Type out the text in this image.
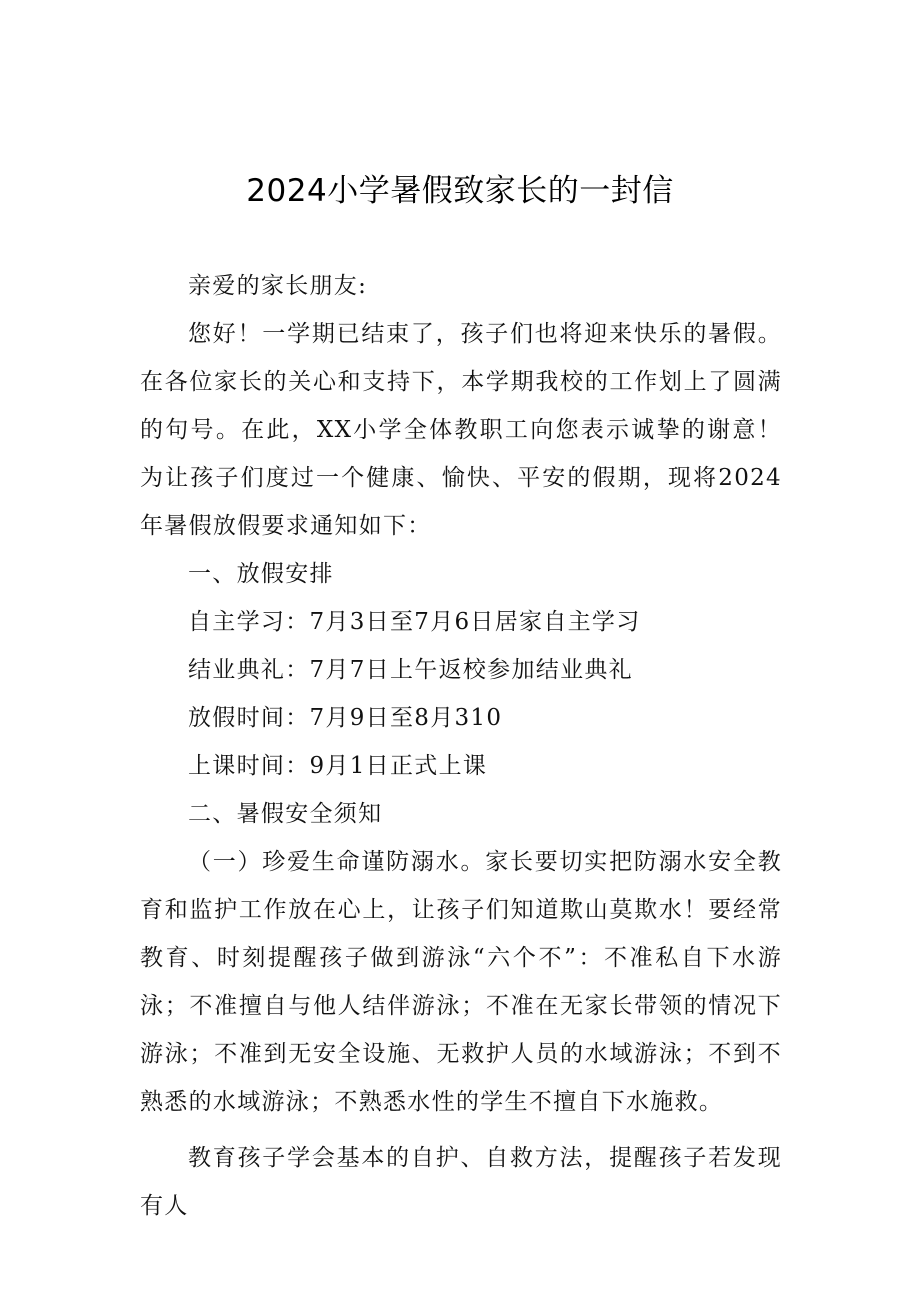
2024小学暑假致家长的一封信

亲爱的家长朋友:

您好！一学期已结束了，孩子们也将迎来快乐的暑假。在各位家长的关心和支持下，本学期我校的工作划上了圆满的句号。在此，XX小学全体教职工向您表示诚挚的谢意！为让孩子们度过一个健康、愉快、平安的假期，现将2024年暑假放假要求通知如下：

一、放假安排

自主学习：7月3日至7月6日居家自主学习

结业典礼：7月7日上午返校参加结业典礼

放假时间：7月9日至8月310

上课时间：9月1日正式上课

二、暑假安全须知

（一）珍爱生命谨防溺水。家长要切实把防溺水安全教育和监护工作放在心上，让孩子们知道欺山莫欺水！要经常教育、时刻提醒孩子做到游泳“六个不”：不准私自下水游泳；不准擅自与他人结伴游泳；不准在无家长带领的情况下游泳；不准到无安全设施、无救护人员的水域游泳；不到不熟悉的水域游泳；不熟悉水性的学生不擅自下水施救。

教育孩子学会基本的自护、自救方法，提醒孩子若发现有人
